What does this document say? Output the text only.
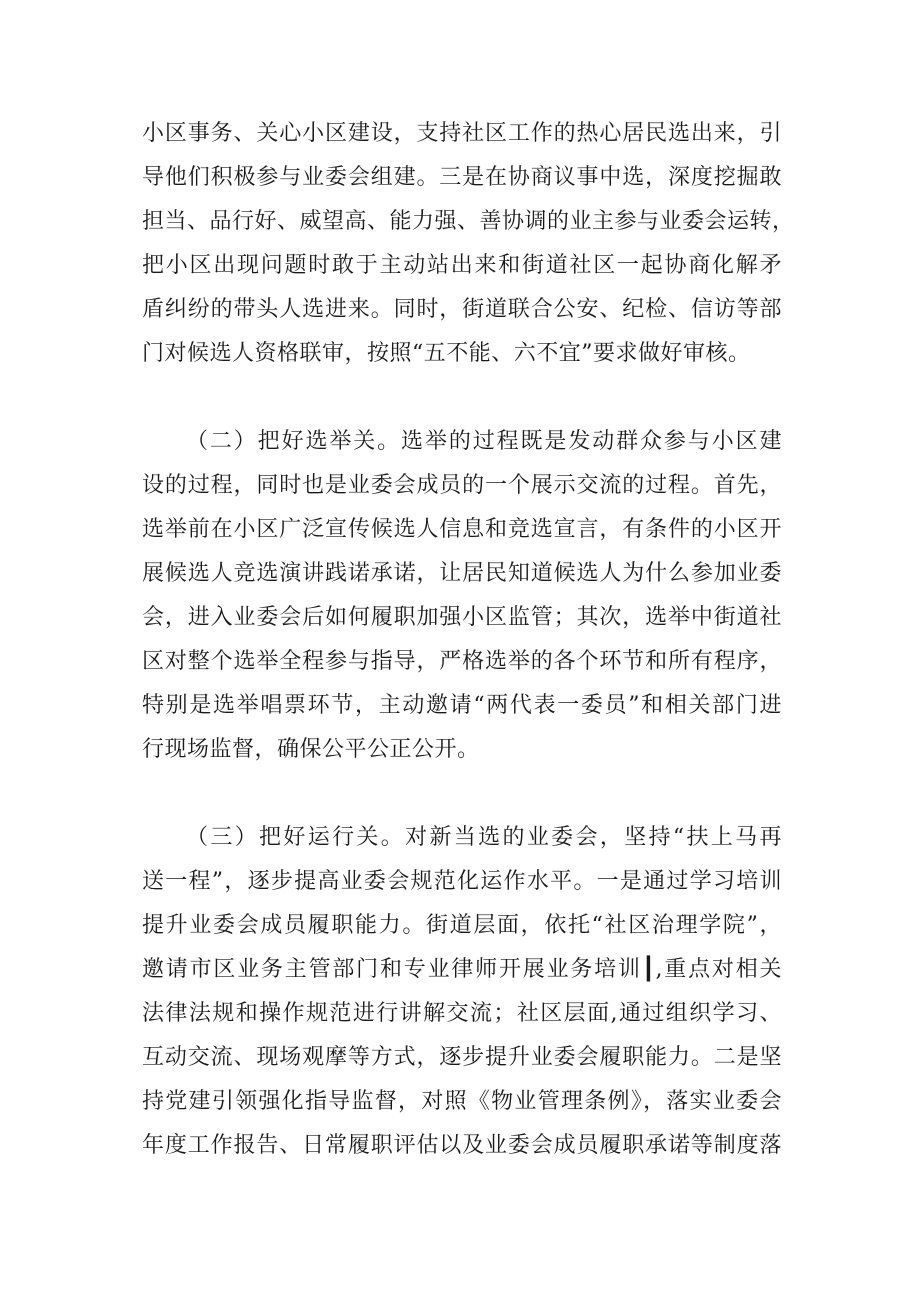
小区事务、关心小区建设，支持社区工作的热心居民选出来，引
导他们积极参与业委会组建。三是在协商议事中选，深度挖掘敢
担当、品行好、威望高、能力强、善协调的业主参与业委会运转，
把小区出现问题时敢于主动站出来和街道社区一起协商化解矛
盾纠纷的带头人选进来。同时，街道联合公安、纪检、信访等部
门对候选人资格联审，按照“五不能、六不宜”要求做好审核。
（二）把好选举关。选举的过程既是发动群众参与小区建
设的过程，同时也是业委会成员的一个展示交流的过程。首先，
选举前在小区广泛宣传候选人信息和竞选宣言，有条件的小区开
展候选人竞选演讲践诺承诺，让居民知道候选人为什么参加业委
会，进入业委会后如何履职加强小区监管；其次，选举中街道社
区对整个选举全程参与指导，严格选举的各个环节和所有程序，
特别是选举唱票环节，主动邀请“两代表一委员”和相关部门进
行现场监督，确保公平公正公开。
（三）把好运行关。对新当选的业委会，坚持“扶上马再
送一程”，逐步提高业委会规范化运作水平。一是通过学习培训
提升业委会成员履职能力。街道层面，依托“社区治理学院”，
邀请市区业务主管部门和专业律师开展业务培训┃,重点对相关
法律法规和操作规范进行讲解交流；社区层面,通过组织学习、
互动交流、现场观摩等方式，逐步提升业委会履职能力。二是坚
持党建引领强化指导监督，对照《物业管理条例》，落实业委会
年度工作报告、日常履职评估以及业委会成员履职承诺等制度落
